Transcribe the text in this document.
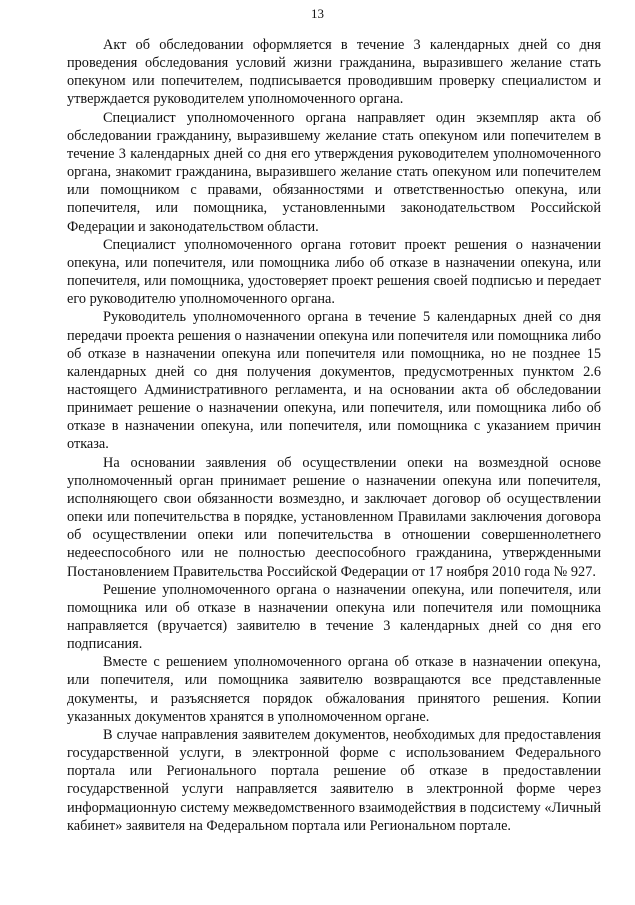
13

Акт об обследовании оформляется в течение 3 календарных дней со дня проведения обследования условий жизни гражданина, выразившего желание стать опекуном или попечителем, подписывается проводившим проверку специалистом и утверждается руководителем уполномоченного органа.

Специалист уполномоченного органа направляет один экземпляр акта об обследовании гражданину, выразившему желание стать опекуном или попечителем в течение 3 календарных дней со дня его утверждения руководителем уполномоченного органа, знакомит гражданина, выразившего желание стать опекуном или попечителем или помощником с правами, обязанностями и ответственностью опекуна, или попечителя, или помощника, установленными законодательством Российской Федерации и законодательством области.

Специалист уполномоченного органа готовит проект решения о назначении опекуна, или попечителя, или помощника либо об отказе в назначении опекуна, или попечителя, или помощника, удостоверяет проект решения своей подписью и передает его руководителю уполномоченного органа.

Руководитель уполномоченного органа в течение 5 календарных дней со дня передачи проекта решения о назначении опекуна или попечителя или помощника либо об отказе в назначении опекуна или попечителя или помощника, но не позднее 15 календарных дней со дня получения документов, предусмотренных пунктом 2.6 настоящего Административного регламента, и на основании акта об обследовании принимает решение о назначении опекуна, или попечителя, или помощника либо об отказе в назначении опекуна, или попечителя, или помощника с указанием причин отказа.

На основании заявления об осуществлении опеки на возмездной основе уполномоченный орган принимает решение о назначении опекуна или попечителя, исполняющего свои обязанности возмездно, и заключает договор об осуществлении опеки или попечительства в порядке, установленном Правилами заключения договора об осуществлении опеки или попечительства в отношении совершеннолетнего недееспособного или не полностью дееспособного гражданина, утвержденными Постановлением Правительства Российской Федерации от 17 ноября 2010 года № 927.

Решение уполномоченного органа о назначении опекуна, или попечителя, или помощника или об отказе в назначении опекуна или попечителя или помощника направляется (вручается) заявителю в течение 3 календарных дней со дня его подписания.

Вместе с решением уполномоченного органа об отказе в назначении опекуна, или попечителя, или помощника заявителю возвращаются все представленные документы, и разъясняется порядок обжалования принятого решения. Копии указанных документов хранятся в уполномоченном органе.

В случае направления заявителем документов, необходимых для предоставления государственной услуги, в электронной форме с использованием Федерального портала или Регионального портала решение об отказе в предоставлении государственной услуги направляется заявителю в электронной форме через информационную систему межведомственного взаимодействия в подсистему «Личный кабинет» заявителя на Федеральном портала или Региональном портале.
